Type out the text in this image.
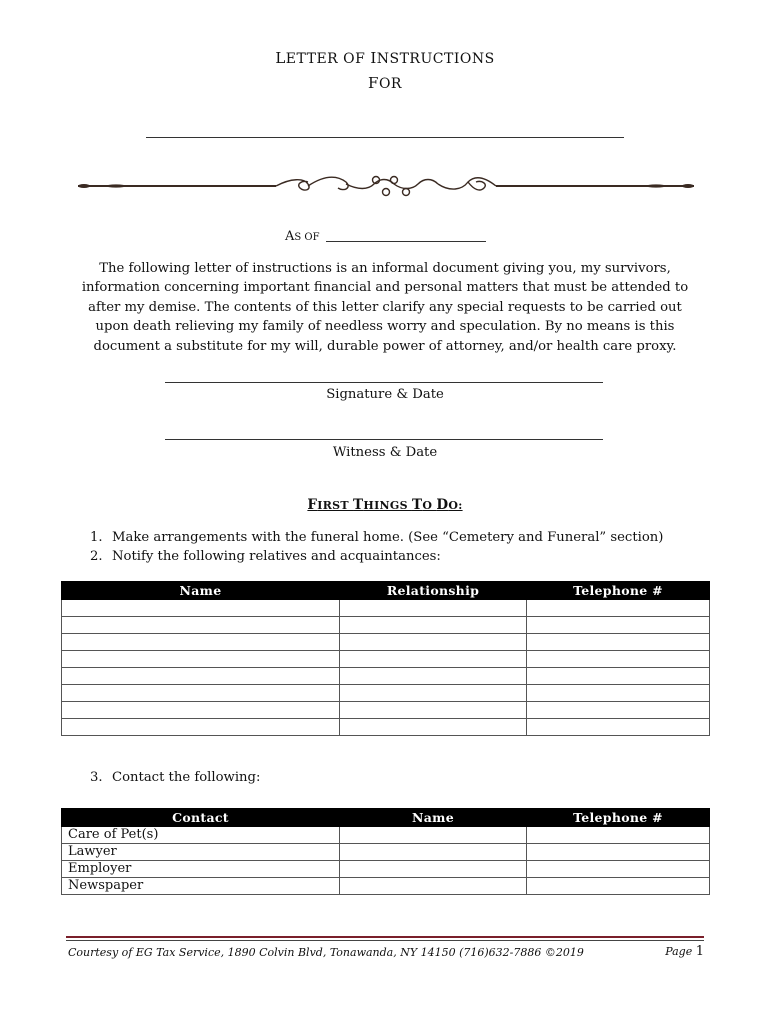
LETTER OF INSTRUCTIONS
FOR
AS OF
The following letter of instructions is an informal document giving you, my survivors, information concerning important financial and personal matters that must be attended to after my demise. The contents of this letter clarify any special requests to be carried out upon death relieving my family of needless worry and speculation. By no means is this document a substitute for my will, durable power of attorney, and/or health care proxy.
Signature & Date
Witness & Date
FIRST THINGS TO DO:
1. Make arrangements with the funeral home. (See “Cemetery and Funeral” section)
2. Notify the following relatives and acquaintances:
Name	Relationship	Telephone #

3. Contact the following:
Contact	Name	Telephone #
Care of Pet(s)		
Lawyer		
Employer		
Newspaper		
Courtesy of EG Tax Service, 1890 Colvin Blvd, Tonawanda, NY 14150 (716)632-7886 ©2019	Page 1
